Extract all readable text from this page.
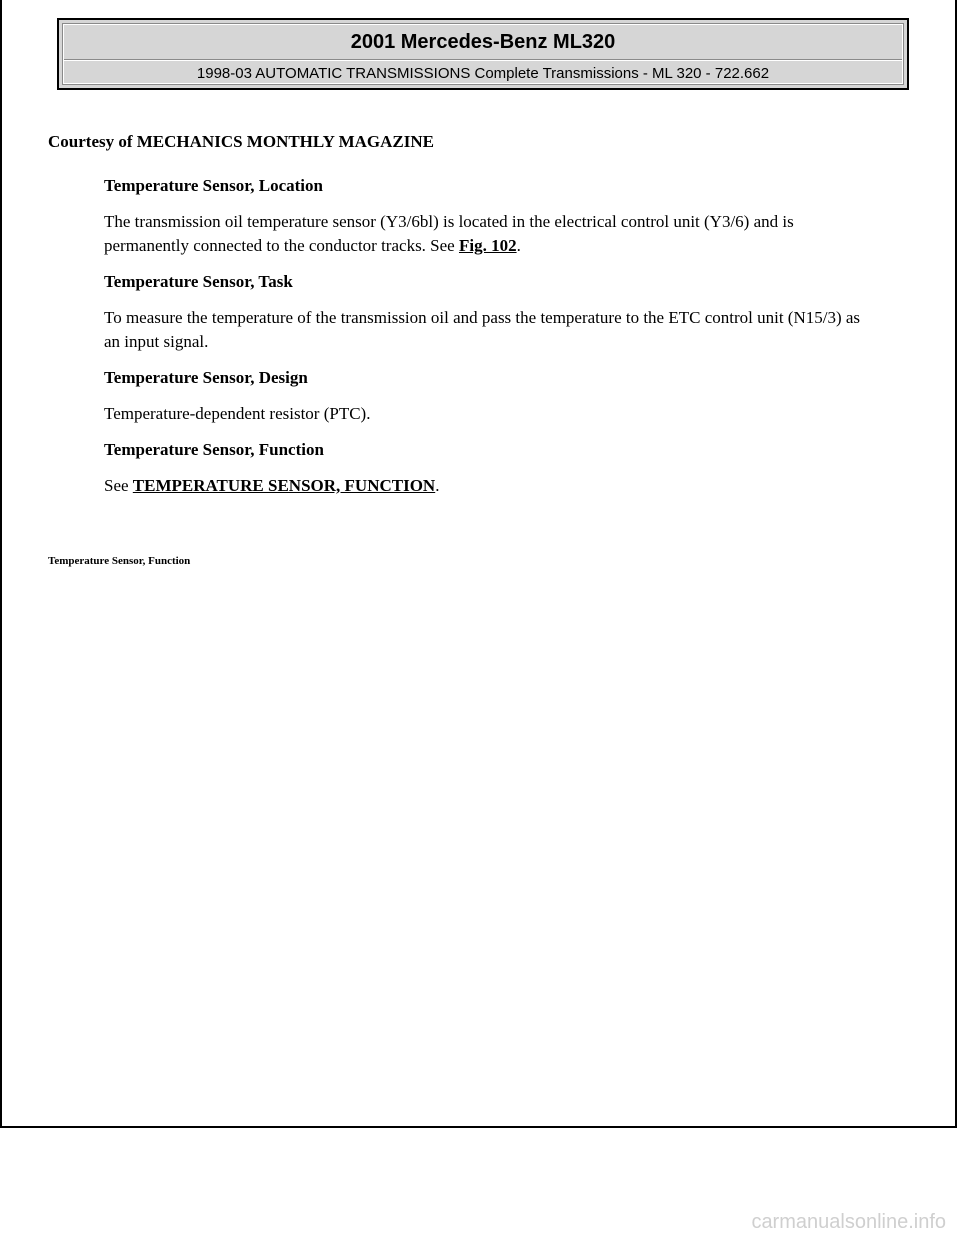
2001 Mercedes-Benz ML320
1998-03 AUTOMATIC TRANSMISSIONS Complete Transmissions - ML 320 - 722.662
Courtesy of MECHANICS MONTHLY MAGAZINE

Temperature Sensor, Location

The transmission oil temperature sensor (Y3/6bl) is located in the electrical control unit (Y3/6) and is permanently connected to the conductor tracks. See Fig. 102.

Temperature Sensor, Task

To measure the temperature of the transmission oil and pass the temperature to the ETC control unit (N15/3) as an input signal.

Temperature Sensor, Design

Temperature-dependent resistor (PTC).

Temperature Sensor, Function

See TEMPERATURE SENSOR, FUNCTION.

Temperature Sensor, Function
carmanualsonline.info
